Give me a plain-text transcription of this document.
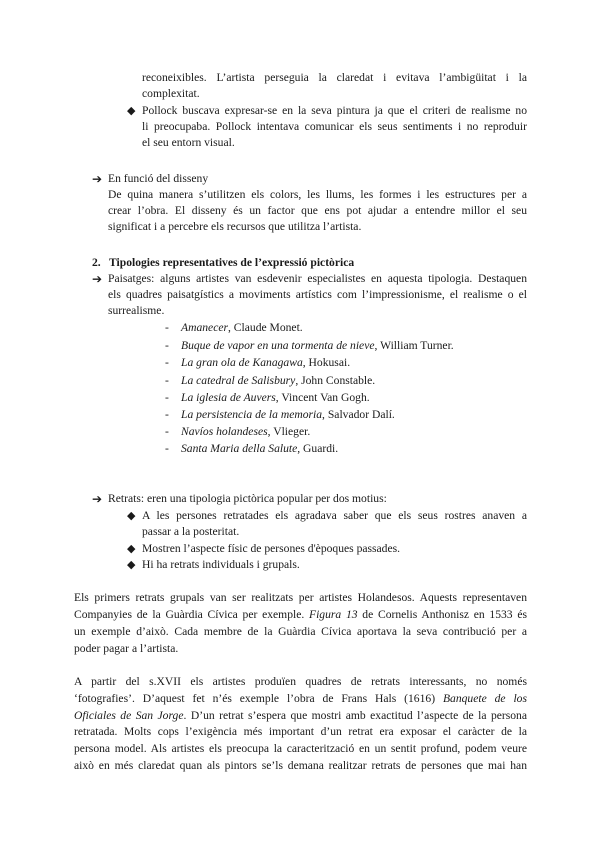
reconeixibles. L’artista perseguia la claredat i evitava l’ambigüitat i la
complexitat.
◆ Pollock buscava expresar-se en la seva pintura ja que el criteri de realisme no
li preocupaba. Pollock intentava comunicar els seus sentiments i no reproduir
el seu entorn visual.
➔ En funció del disseny
De quina manera s’utilitzen els colors, les llums, les formes i les estructures per a
crear l’obra. El disseny és un factor que ens pot ajudar a entendre millor el seu
significat i a percebre els recursos que utilitza l’artista.
2. Tipologies representatives de l’expressió pictòrica
➔ Paisatges: alguns artistes van esdevenir especialistes en aquesta tipologia. Destaquen
els quadres paisatgístics a moviments artístics com l’impressionisme, el realisme o el
surrealisme.
- Amanecer, Claude Monet.
- Buque de vapor en una tormenta de nieve, William Turner.
- La gran ola de Kanagawa, Hokusai.
- La catedral de Salisbury, John Constable.
- La iglesia de Auvers, Vincent Van Gogh.
- La persistencia de la memoria, Salvador Dalí.
- Navíos holandeses, Vlieger.
- Santa Maria della Salute, Guardi.
➔ Retrats: eren una tipologia pictòrica popular per dos motius:
◆ A les persones retratades els agradava saber que els seus rostres anaven a
passar a la posteritat.
◆ Mostren l’aspecte físic de persones d'èpoques passades.
◆ Hi ha retrats individuals i grupals.
Els primers retrats grupals van ser realitzats per artistes Holandesos. Aquests representaven
Companyies de la Guàrdia Cívica per exemple. Figura 13 de Cornelis Anthonisz en 1533 és
un exemple d’això. Cada membre de la Guàrdia Cívica aportava la seva contribució per a
poder pagar a l’artista.
A partir del s.XVII els artistes produïen quadres de retrats interessants, no només
‘fotografies’. D’aquest fet n’és exemple l’obra de Frans Hals (1616) Banquete de los
Oficiales de San Jorge. D’un retrat s’espera que mostri amb exactitud l’aspecte de la persona
retratada. Molts cops l’exigència més important d’un retrat era exposar el caràcter de la
persona model. Als artistes els preocupa la caracterització en un sentit profund, podem veure
això en més claredat quan als pintors se’ls demana realitzar retrats de persones que mai han
